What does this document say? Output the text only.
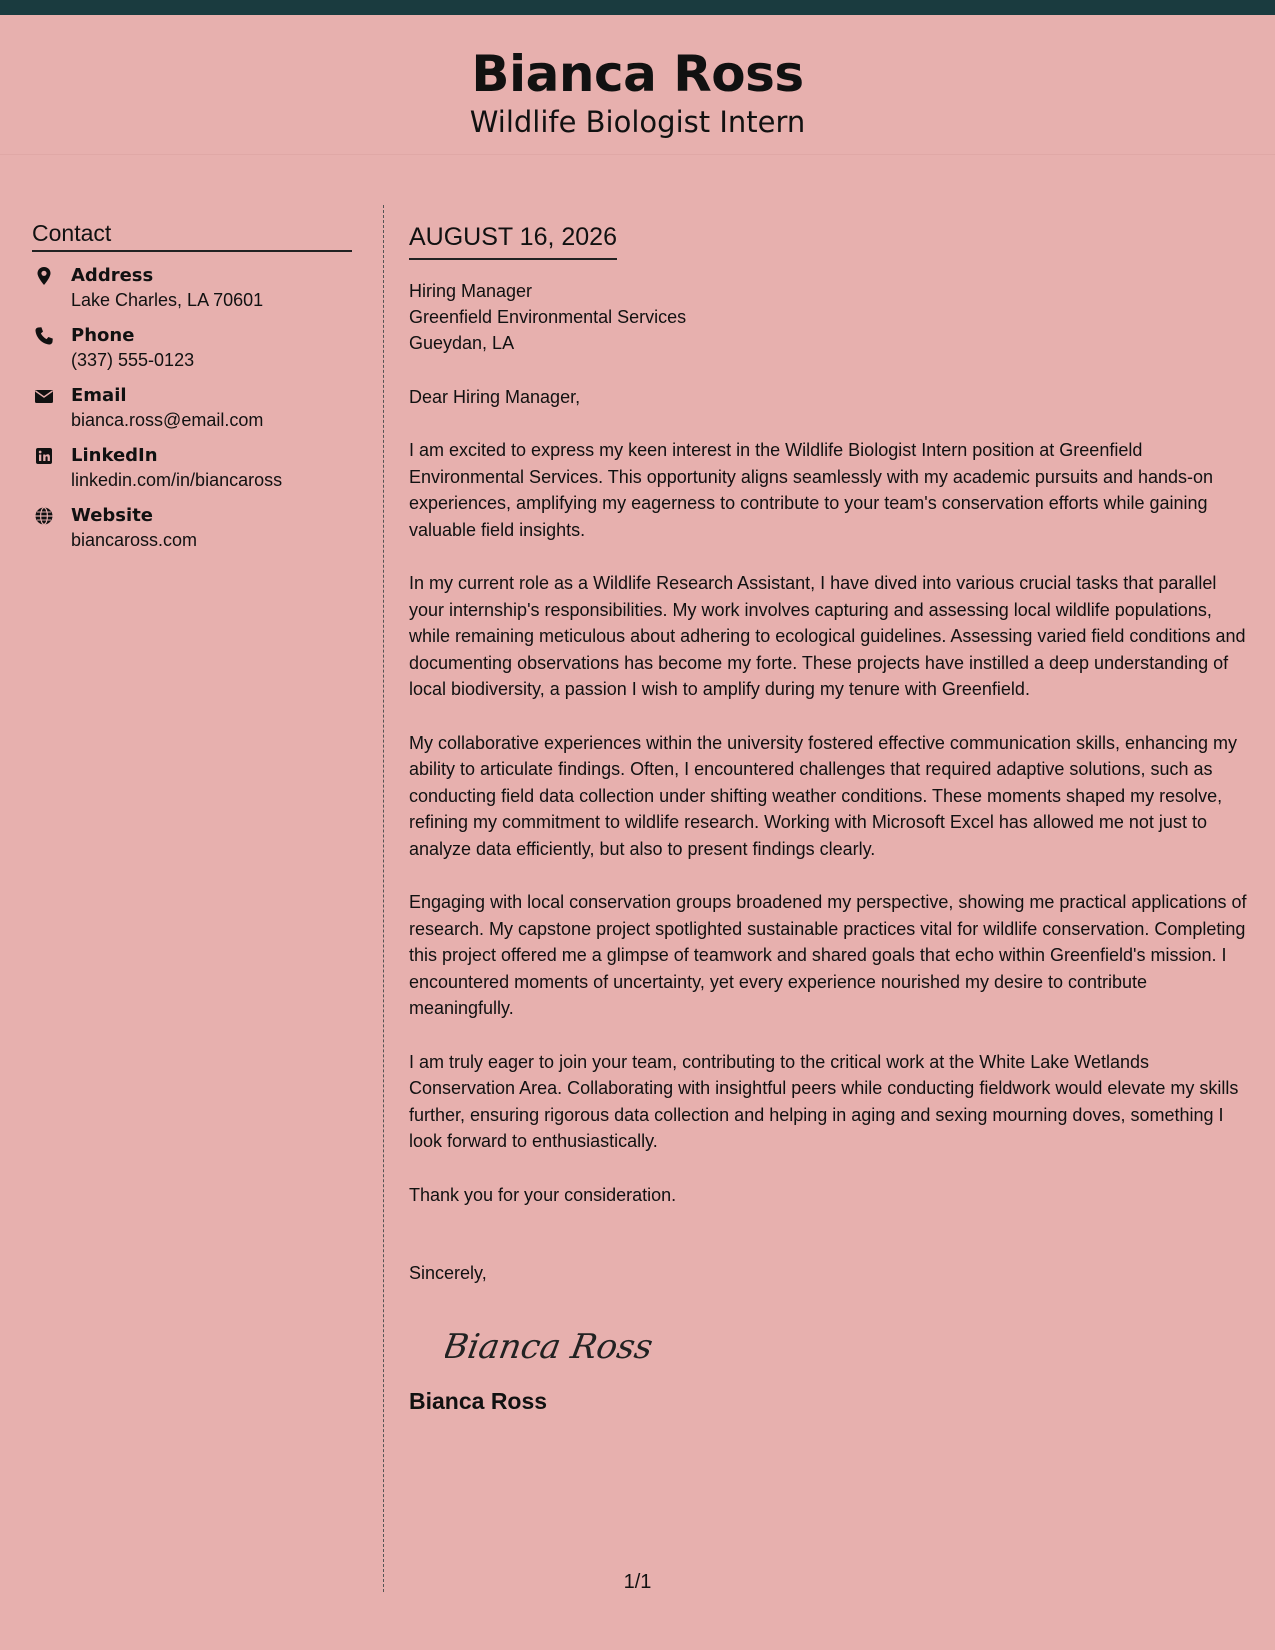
Bianca Ross
Wildlife Biologist Intern
Contact
Address
Lake Charles, LA 70601
Phone
(337) 555-0123
Email
bianca.ross@email.com
LinkedIn
linkedin.com/in/biancaross
Website
biancaross.com
AUGUST 16, 2026
Hiring Manager
Greenfield Environmental Services
Gueydan, LA
Dear Hiring Manager,
I am excited to express my keen interest in the Wildlife Biologist Intern position at Greenfield Environmental Services. This opportunity aligns seamlessly with my academic pursuits and hands-on experiences, amplifying my eagerness to contribute to your team's conservation efforts while gaining valuable field insights.
In my current role as a Wildlife Research Assistant, I have dived into various crucial tasks that parallel your internship's responsibilities. My work involves capturing and assessing local wildlife populations, while remaining meticulous about adhering to ecological guidelines. Assessing varied field conditions and documenting observations has become my forte. These projects have instilled a deep understanding of local biodiversity, a passion I wish to amplify during my tenure with Greenfield.
My collaborative experiences within the university fostered effective communication skills, enhancing my ability to articulate findings. Often, I encountered challenges that required adaptive solutions, such as conducting field data collection under shifting weather conditions. These moments shaped my resolve, refining my commitment to wildlife research. Working with Microsoft Excel has allowed me not just to analyze data efficiently, but also to present findings clearly.
Engaging with local conservation groups broadened my perspective, showing me practical applications of research. My capstone project spotlighted sustainable practices vital for wildlife conservation. Completing this project offered me a glimpse of teamwork and shared goals that echo within Greenfield's mission. I encountered moments of uncertainty, yet every experience nourished my desire to contribute meaningfully.
I am truly eager to join your team, contributing to the critical work at the White Lake Wetlands Conservation Area. Collaborating with insightful peers while conducting fieldwork would elevate my skills further, ensuring rigorous data collection and helping in aging and sexing mourning doves, something I look forward to enthusiastically.
Thank you for your consideration.
Sincerely,
Bianca Ross
Bianca Ross
1/1
